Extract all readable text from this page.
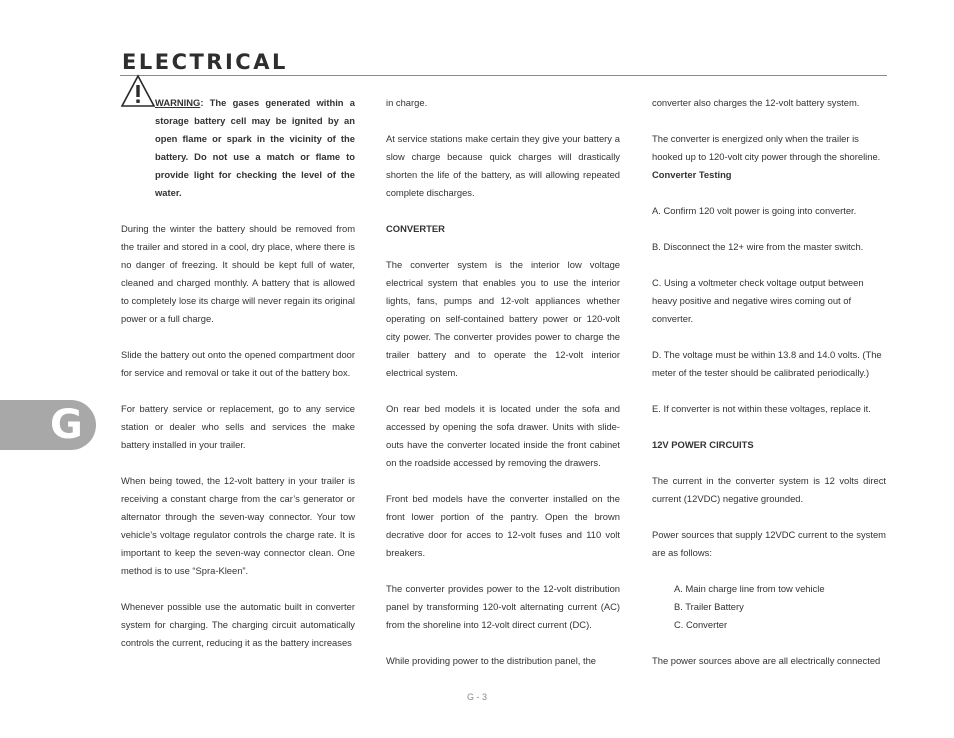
ELECTRICAL

WARNING: The gases generated within a storage battery cell may be ignited by an open flame or spark in the vicinity of the battery. Do not use a match or flame to provide light for checking the level of the water.

During the winter the battery should be removed from the trailer and stored in a cool, dry place, where there is no danger of freezing. It should be kept full of water, cleaned and charged monthly. A battery that is allowed to completely lose its charge will never regain its original power or a full charge.

Slide the battery out onto the opened compartment door for service and removal or take it out of the battery box.

For battery service or replacement, go to any service station or dealer who sells and services the make battery installed in your trailer.

When being towed, the 12-volt battery in your trailer is receiving a constant charge from the car’s generator or alternator through the seven-way connector. Your tow vehicle’s voltage regulator controls the charge rate. It is important to keep the seven-way connector clean. One method is to use “Spra-Kleen”.

Whenever possible use the automatic built in converter system for charging. The charging circuit automatically controls the current, reducing it as the battery increases

in charge.

At service stations make certain they give your battery a slow charge because quick charges will drastically shorten the life of the battery, as will allowing repeated complete discharges.

CONVERTER

The converter system is the interior low voltage electrical system that enables you to use the interior lights, fans, pumps and 12-volt appliances whether operating on self-contained battery power or 120-volt city power. The converter provides power to charge the trailer battery and to operate the 12-volt interior electrical system.

On rear bed models it is located under the sofa and accessed by opening the sofa drawer. Units with slide-outs have the converter located inside the front cabinet on the roadside accessed by removing the drawers.

Front bed models have the converter installed on the front lower portion of the pantry. Open the brown decrative door for acces to 12-volt fuses and 110 volt breakers.

The converter provides power to the 12-volt distribution panel by transforming 120-volt alternating current (AC) from the shoreline into 12-volt direct current (DC).

While providing power to the distribution panel, the

converter also charges the 12-volt battery system.

The converter is energized only when the trailer is hooked up to 120-volt city power through the shoreline.

Converter Testing

A. Confirm 120 volt power is going into converter.

B. Disconnect the 12+ wire from the master switch.

C. Using a voltmeter check voltage output between heavy positive and negative wires coming out of converter.

D. The voltage must be within 13.8 and 14.0 volts. (The meter of the tester should be calibrated periodically.)

E. If converter is not within these voltages, replace it.

12V POWER CIRCUITS

The current in the converter system is 12 volts direct current (12VDC) negative grounded.

Power sources that supply 12VDC current to the system are as follows:

A. Main charge line from tow vehicle
B. Trailer Battery
C. Converter

The power sources above are all electrically connected

G
G - 3
